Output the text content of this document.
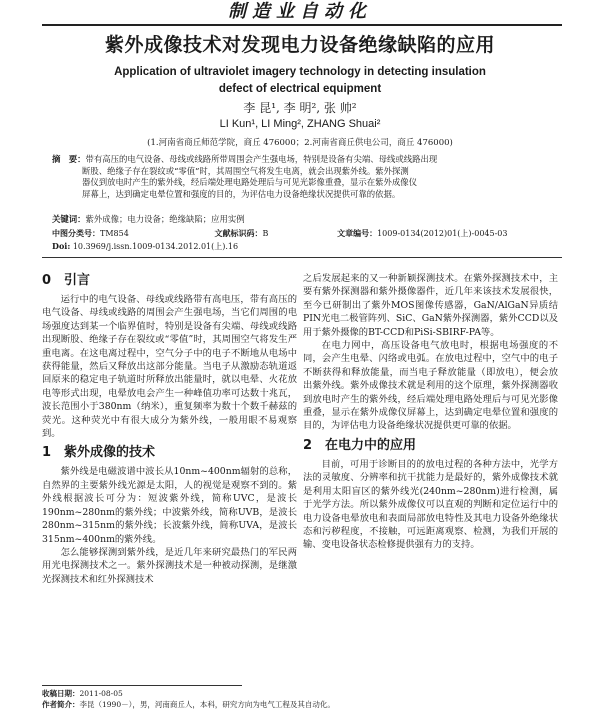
制造业自动化
紫外成像技术对发现电力设备绝缘缺陷的应用
Application of ultraviolet imagery technology in detecting insulation
defect of electrical equipment
李 昆¹, 李 明², 张 帅²
LI Kun¹, LI Ming², ZHANG Shuai²
(1.河南省商丘师范学院，商丘 476000；2.河南省商丘供电公司，商丘 476000)
摘　要：带有高压的电气设备、母线或线路所带周围会产生强电场，特别是设备有尖端、母线或线路出现
断股、绝缘子存在裂纹或“零值”时，其周围空气将发生电离，就会出现紫外线。紫外探测
器仪到放电时产生的紫外线，经后端处理电路处理后与可见光影像重叠，显示在紫外成像仪
屏幕上，达到确定电晕位置和强度的目的，为评估电力设备绝缘状况提供可靠的依据。
关键词：紫外成像；电力设备；绝缘缺陷；应用实例
中图分类号：TM854	文献标识码：B	文章编号：1009-0134(2012)01(上)-0045-03
Doi: 10.3969/j.issn.1009-0134.2012.01(上).16
0　引言

运行中的电气设备、母线或线路带有高电压，带有高压的电气设备、母线或线路的周围会产生强电场，当它们周围的电场强度达到某一个临界值时，特别是设备有尖端、母线或线路出现断股、绝缘子存在裂纹或“零值”时，其周围空气将发生严重电离。在这电离过程中，空气分子中的电子不断地从电场中获得能量，然后又释放出这部分能量。当电子从激励态轨道返回原来的稳定电子轨道时所释放出能量时，就以电晕、火花放电等形式出现，电晕放电会产生一种峰值功率可达数十兆瓦，波长范围小于380nm（纳米），重复频率为数十个数千赫兹的荧光。这种荧光中有很大成分为紫外线，一般用眼不易观察到。

1　紫外成像的技术

紫外线是电磁波谱中波长从10nm~400nm辐射的总称，自然界的主要紫外线光源是太阳，人的视觉是观察不到的。紫外线根据波长可分为：短波紫外线，简称UVC，是波长190nm~280nm的紫外线；中波紫外线，简称UVB，是波长280nm~315nm的紫外线；长波紫外线，简称UVA，是波长315nm~400nm的紫外线。

怎么能够探测到紫外线，是近几年来研究最热门的军民两用光电探测技术之一。紫外探测技术是一种被动探测，是继激光探测技术和红外探测技术

之后发展起来的又一种新颖探测技术。在紫外探测技术中，主要有紫外探测器和紫外摄像器件，近几年来该技术发展很快，至今已研制出了紫外MOS图像传感器，GaN/AlGaN异质结PIN光电二极管阵列、SiC、GaN紫外探测器，紫外CCD以及用于紫外摄像的BT-CCD和PiSi-SBIRF-PA等。

在电力网中，高压设备电气放电时，根据电场强度的不同，会产生电晕、闪络或电弧。在放电过程中，空气中的电子不断获得和释放能量，而当电子释放能量（即放电），便会放出紫外线。紫外成像技术就是利用的这个原理，紫外探测器收到放电时产生的紫外线，经后端处理电路处理后与可见光影像重叠，显示在紫外成像仪屏幕上，达到确定电晕位置和强度的目的，为评估电力设备绝缘状况提供更可靠的依据。

2　在电力中的应用

目前，可用于诊断目的的放电过程的各种方法中，光学方法的灵敏度、分辨率和抗干扰能力是最好的，紫外成像技术就是利用太阳盲区的紫外线光(240nm~280nm)进行检测，属于光学方法。所以紫外成像仪可以直观的判断和定位运行中的电力设备电晕放电和表面局部放电特性及其电力设备外绝缘状态和污秽程度，不接触，可远距离观察、检测，为我们开展的输、变电设备状态检修提供强有力的支持。

收稿日期：2011-08-05
作者简介：李昆（1990－），男，河南商丘人，本科，研究方向为电气工程及其自动化。
